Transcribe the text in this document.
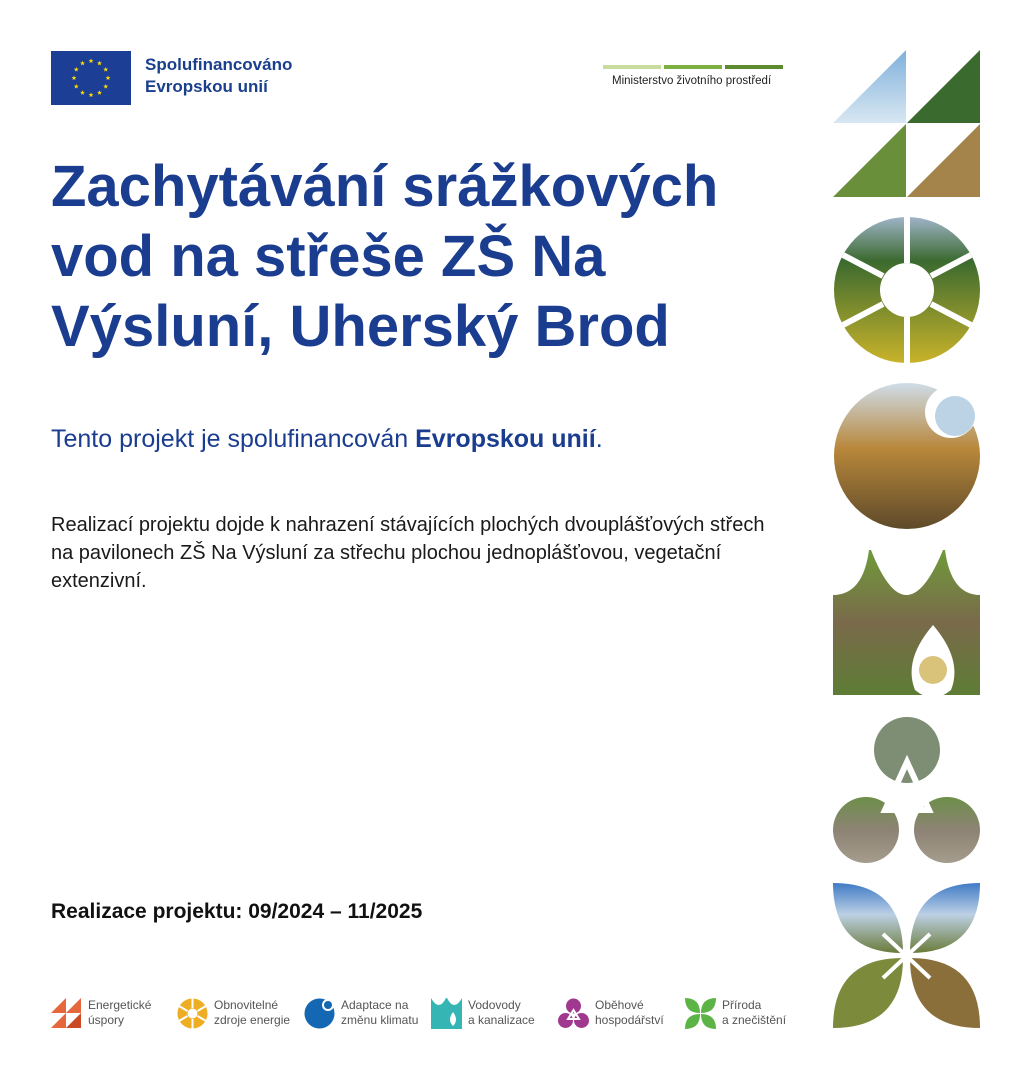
Spolufinancováno
Evropskou unií	Ministerstvo životního prostředí
Zachytávání srážkových vod na střeše ZŠ Na Výsluní, Uherský Brod
Tento projekt je spolufinancován Evropskou unií.
Realizací projektu dojde k nahrazení stávajících plochých dvouplášťových střech na pavilonech ZŠ Na Výsluní za střechu plochou jednoplášťovou, vegetační extenzivní.
Realizace projektu: 09/2024 – 11/2025
Energetické
úspory
Obnovitelné
zdroje energie
Adaptace na
změnu klimatu
Vodovody
a kanalizace
Oběhové
hospodářství
Příroda
a znečištění
